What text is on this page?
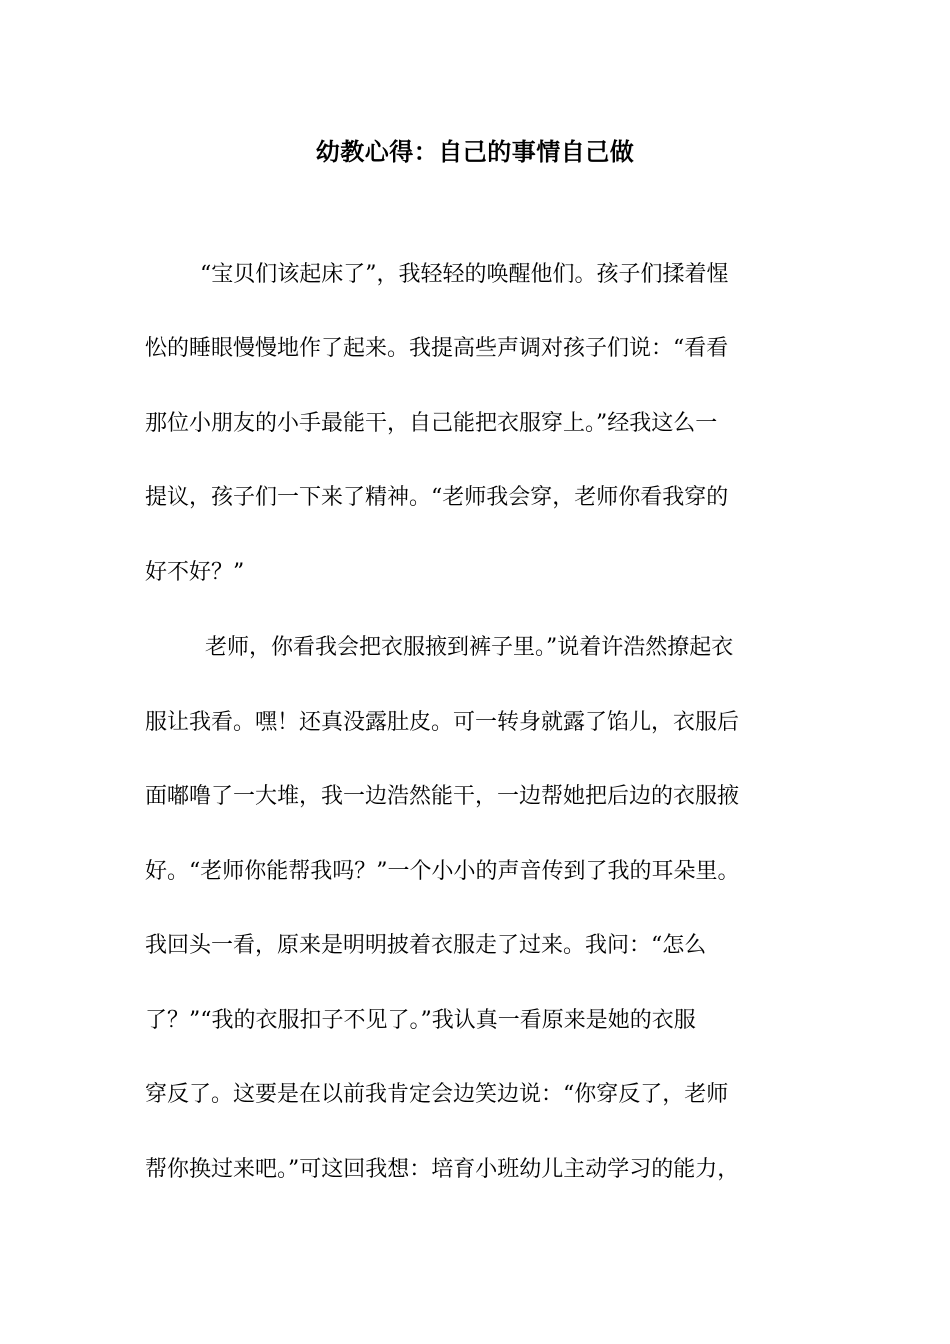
幼教心得：自己的事情自己做
“宝贝们该起床了”，我轻轻的唤醒他们。孩子们揉着惺
忪的睡眼慢慢地作了起来。我提高些声调对孩子们说：“看看
那位小朋友的小手最能干，自己能把衣服穿上。”经我这么一
提议，孩子们一下来了精神。“老师我会穿，老师你看我穿的
好不好？”
老师，你看我会把衣服掖到裤子里。”说着许浩然撩起衣
服让我看。嘿！还真没露肚皮。可一转身就露了馅儿，衣服后
面嘟噜了一大堆，我一边浩然能干，一边帮她把后边的衣服掖
好。“老师你能帮我吗？”一个小小的声音传到了我的耳朵里。
我回头一看，原来是明明披着衣服走了过来。我问：“怎么
了？”“我的衣服扣子不见了。”我认真一看原来是她的衣服
穿反了。这要是在以前我肯定会边笑边说：“你穿反了，老师
帮你换过来吧。”可这回我想：培育小班幼儿主动学习的能力，
